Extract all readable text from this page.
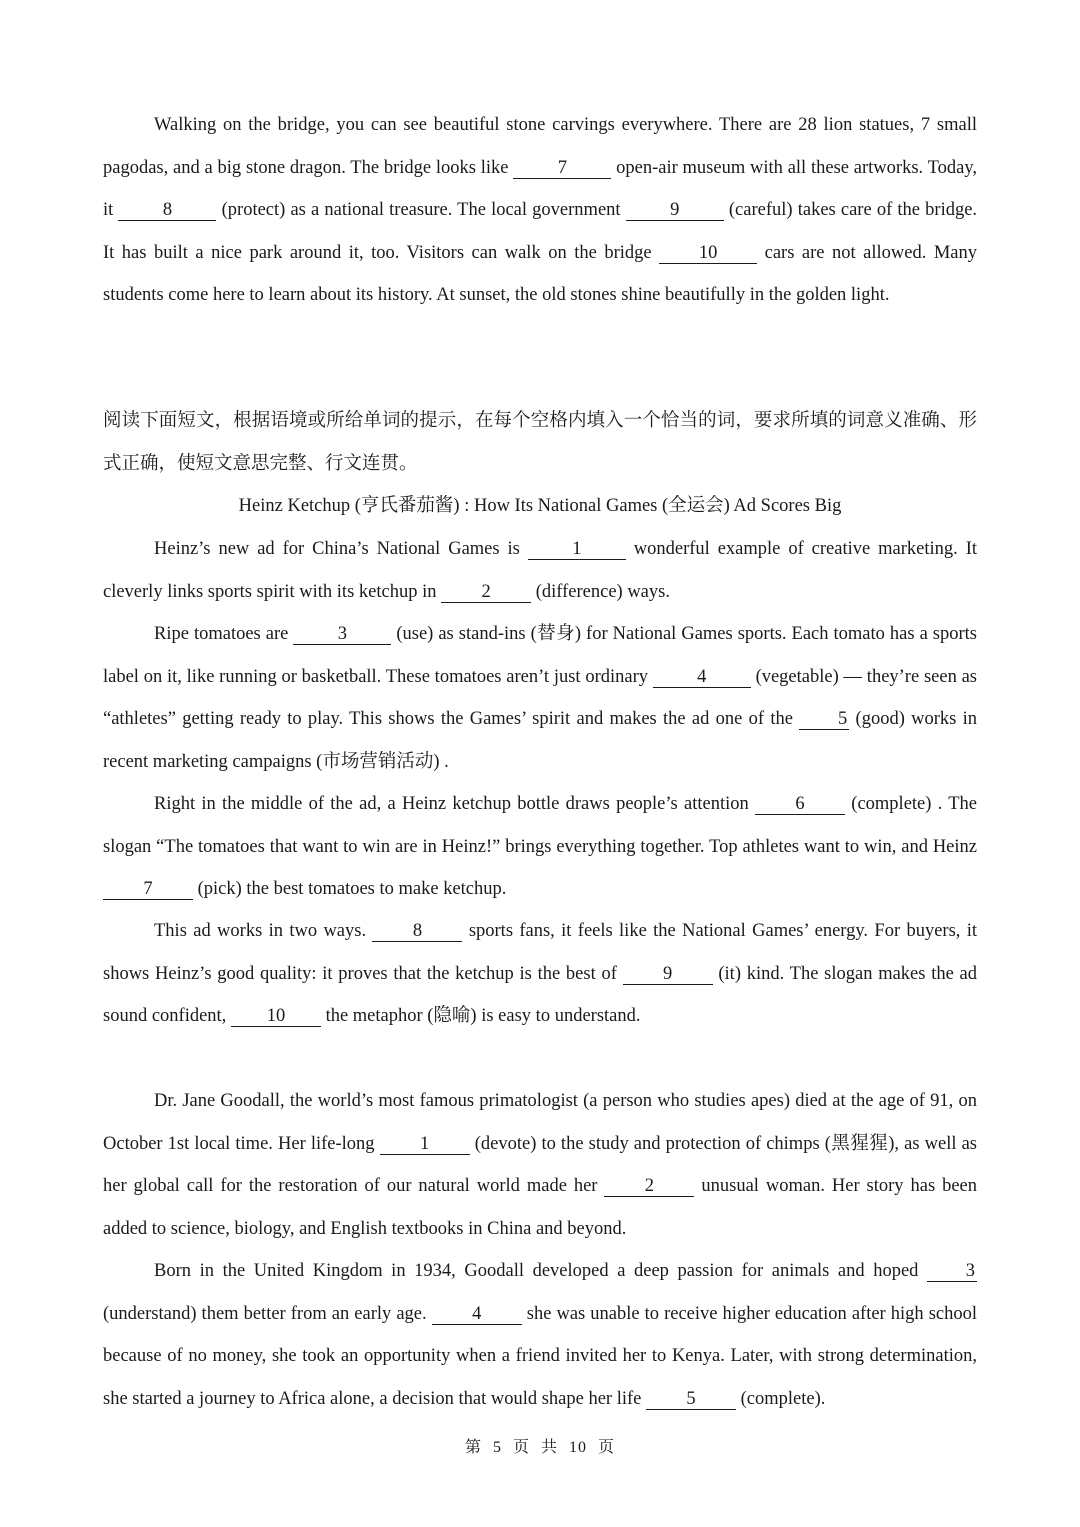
Walking on the bridge, you can see beautiful stone carvings everywhere. There are 28 lion statues, 7 small pagodas, and a big stone dragon. The bridge looks like	7	open-air museum with all these artworks. Today, it	8	(protect) as a national treasure. The local government	9	(careful) takes care of the bridge. It has built a nice park around it, too. Visitors can walk on the bridge	10	cars are not allowed. Many students come here to learn about its history. At sunset, the old stones shine beautifully in the golden light.

阅读下面短文，根据语境或所给单词的提示，在每个空格内填入一个恰当的词，要求所填的词意义准确、形式正确，使短文意思完整、行文连贯。

Heinz Ketchup (亨氏番茄酱) : How Its National Games (全运会) Ad Scores Big

Heinz’s new ad for China’s National Games is	1	wonderful example of creative marketing. It cleverly links sports spirit with its ketchup in 2 (difference) ways.

Ripe tomatoes are	3	(use) as stand-ins (替身) for National Games sports. Each tomato has a sports label on it, like running or basketball. These tomatoes aren’t just ordinary	4	(vegetable) — they’re seen as “athletes” getting ready to play. This shows the Games’ spirit and makes the ad one of the 5 (good) works in recent marketing campaigns (市场营销活动) .

Right in the middle of the ad, a Heinz ketchup bottle draws people’s attention	6	(complete) . The slogan “The tomatoes that want to win are in Heinz!” brings everything together. Top athletes want to win, and Heinz 7 (pick) the best tomatoes to make ketchup.

This ad works in two ways.	8	sports fans, it feels like the National Games’ energy. For buyers, it shows Heinz’s good quality: it proves that the ketchup is the best of 9 (it) kind. The slogan makes the ad sound confident, 10 the metaphor (隐喻) is easy to understand.

Dr. Jane Goodall, the world’s most famous primatologist (a person who studies apes) died at the age of 91, on October 1st local time. Her life-long 1 (devote) to the study and protection of chimps (黑猩猩), as well as her global call for the restoration of our natural world made her	2	unusual woman. Her story has been added to science, biology, and English textbooks in China and beyond.

Born in the United Kingdom in 1934, Goodall developed a deep passion for animals and hoped	3 (understand) them better from an early age. 4 she was unable to receive higher education after high school because of no money, she took an opportunity when a friend invited her to Kenya. Later, with strong determination, she started a journey to Africa alone, a decision that would shape her life 5 (complete).

第 5 页 共 10 页
